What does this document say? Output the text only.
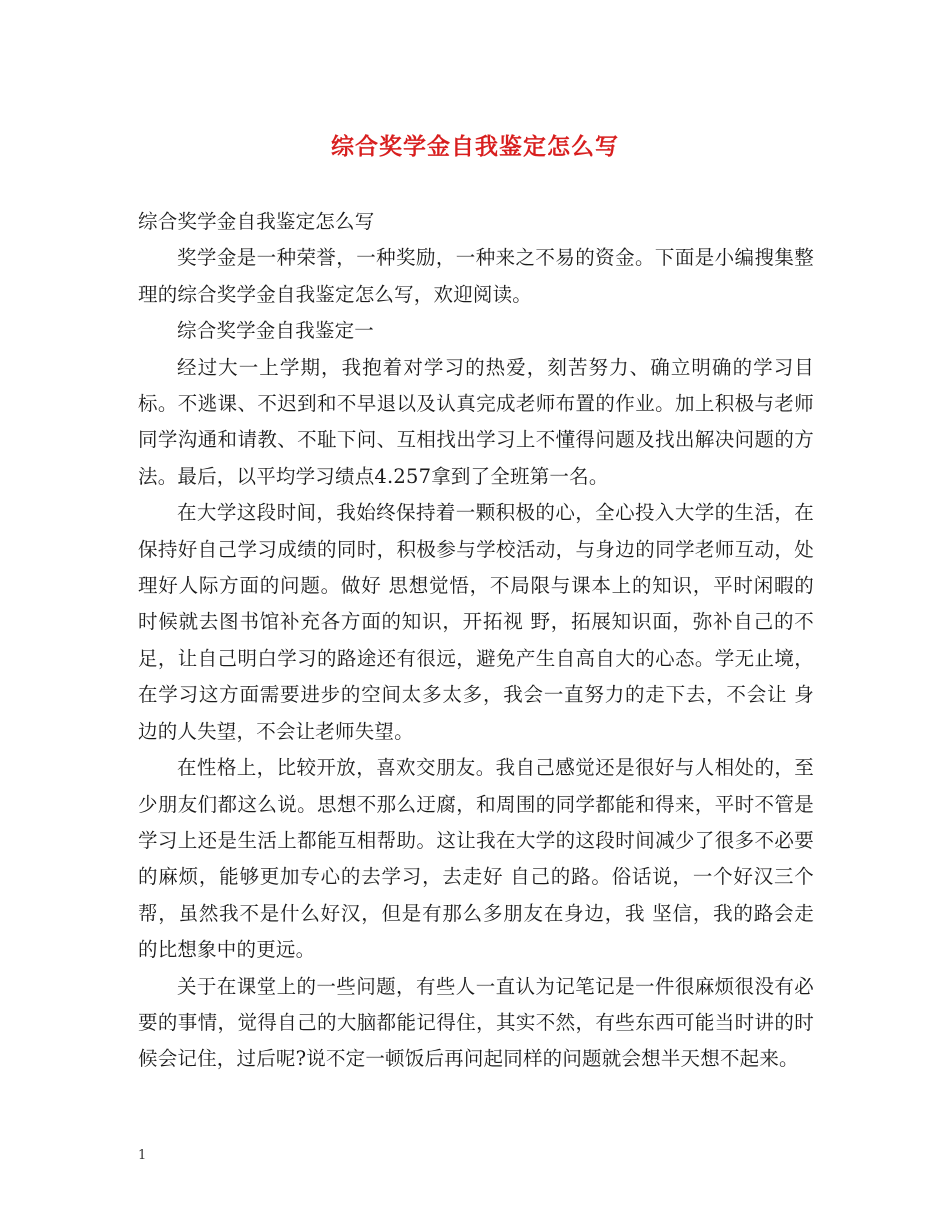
综合奖学金自我鉴定怎么写

综合奖学金自我鉴定怎么写

奖学金是一种荣誉，一种奖励，一种来之不易的资金。下面是小编搜集整理的综合奖学金自我鉴定怎么写，欢迎阅读。

综合奖学金自我鉴定一

经过大一上学期，我抱着对学习的热爱，刻苦努力、确立明确的学习目标。不逃课、不迟到和不早退以及认真完成老师布置的作业。加上积极与老师同学沟通和请教、不耻下问、互相找出学习上不懂得问题及找出解决问题的方法。最后，以平均学习绩点4.257拿到了全班第一名。

在大学这段时间，我始终保持着一颗积极的心，全心投入大学的生活，在保持好自己学习成绩的同时，积极参与学校活动，与身边的同学老师互动，处理好人际方面的问题。做好 思想觉悟，不局限与课本上的知识，平时闲暇的时候就去图书馆补充各方面的知识，开拓视 野，拓展知识面，弥补自己的不足，让自己明白学习的路途还有很远，避免产生自高自大的心态。学无止境，在学习这方面需要进步的空间太多太多，我会一直努力的走下去，不会让 身边的人失望，不会让老师失望。

在性格上，比较开放，喜欢交朋友。我自己感觉还是很好与人相处的，至少朋友们都这么说。思想不那么迂腐，和周围的同学都能和得来，平时不管是学习上还是生活上都能互相帮助。这让我在大学的这段时间减少了很多不必要的麻烦，能够更加专心的去学习，去走好 自己的路。俗话说，一个好汉三个帮，虽然我不是什么好汉，但是有那么多朋友在身边，我 坚信，我的路会走的比想象中的更远。

关于在课堂上的一些问题，有些人一直认为记笔记是一件很麻烦很没有必要的事情，觉得自己的大脑都能记得住，其实不然，有些东西可能当时讲的时候会记住，过后呢?说不定一顿饭后再问起同样的问题就会想半天想不起来。

1
